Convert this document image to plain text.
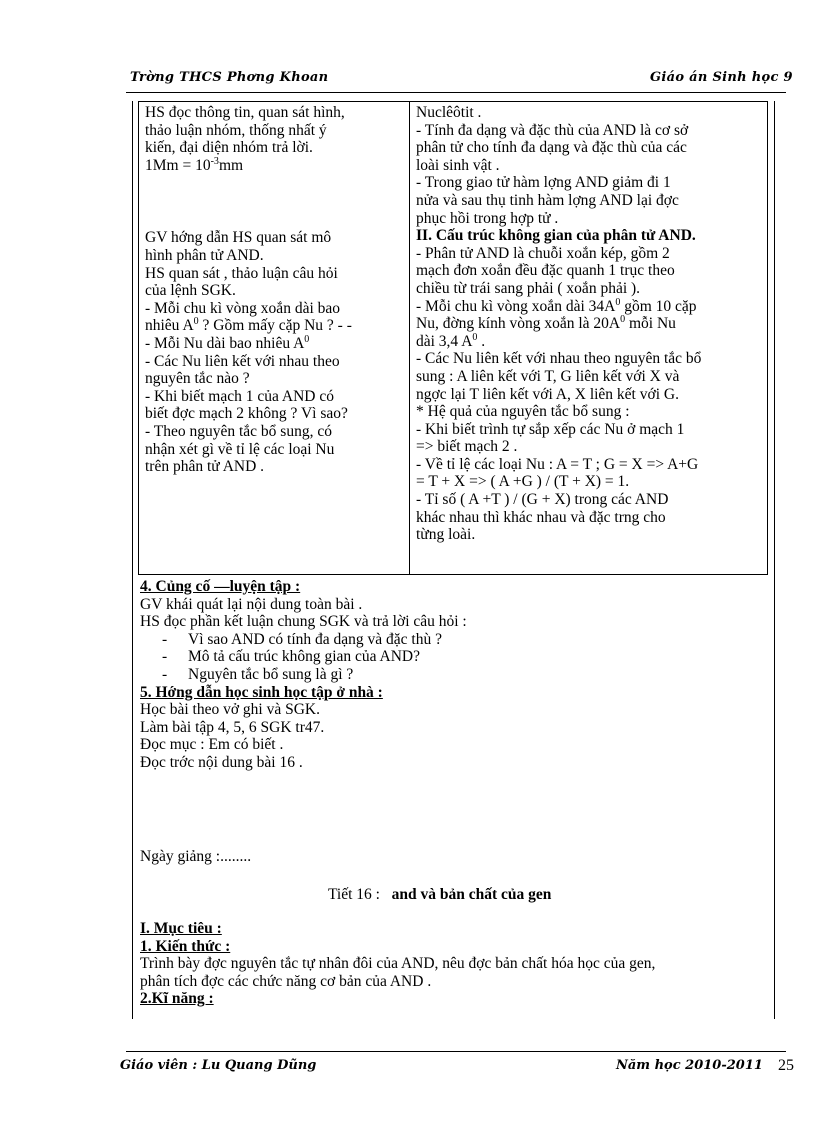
Trờng THCS Phơng Khoan	Giáo án Sinh học 9
HS đọc thông tin, quan sát hình,
thảo luận nhóm, thống nhất ý
kiến, đại diện nhóm trả lời.
$1Mm = 10^{-3}mm$
GV hớng dẫn HS quan sát mô
hình phân tử AND.
HS quan sát , thảo luận câu hỏi
của lệnh SGK.
- Mỗi chu kì vòng xoắn dài bao
nhiêu $A^0$ ? Gồm mấy cặp Nu ? - -
- Mỗi Nu dài bao nhiêu $A^0$
- Các Nu liên kết với nhau theo
nguyên tắc nào ?
- Khi biết mạch 1 của AND có
biết đợc mạch 2 không ? Vì sao?
- Theo nguyên tắc bổ sung, có
nhận xét gì về tỉ lệ các loại Nu
trên phân tử AND .
Nuclêôtit .
- Tính đa dạng và đặc thù của AND là cơ sở
phân tử cho tính đa dạng và đặc thù của các
loài sinh vật .
- Trong giao tử hàm lợng AND giảm đi 1
nửa và sau thụ tinh hàm lợng AND lại đợc
phục hồi trong hợp tử .
II. Cấu trúc không gian của phân tử AND.
- Phân tử AND là chuỗi xoắn kép, gồm 2
mạch đơn xoắn đều đặc quanh 1 trục theo
chiều từ trái sang phải ( xoắn phải ).
- Mỗi chu kì vòng xoắn dài $34A^0$ gồm 10 cặp
Nu, đờng kính vòng xoắn là $20A^0$ mỗi Nu
dài 3,4 $A^0$ .
- Các Nu liên kết với nhau theo nguyên tắc bổ
sung : A liên kết với T, G liên kết với X và
ngợc lại T liên kết với A, X liên kết với G.
* Hệ quả của nguyên tắc bổ sung :
- Khi biết trình tự sắp xếp các Nu ở mạch 1
=> biết mạch 2 .
- Về tỉ lệ các loại Nu : A = T ; G = X => A+G
= T + X => ( A +G ) / (T + X) = 1.
- Tỉ số ( A +T ) / (G + X) trong các AND
khác nhau thì khác nhau và đặc trng cho
từng loài.
4. Củng cố —luyện tập :
GV khái quát lại nội dung toàn bài .
HS đọc phần kết luận chung SGK và trả lời câu hỏi :
- Vì sao AND có tính đa dạng và đặc thù ?
- Mô tả cấu trúc không gian của AND?
- Nguyên tắc bổ sung là gì ?
5. Hớng dẫn học sinh học tập ở nhà :
Học bài theo vở ghi và SGK.
Làm bài tập 4, 5, 6 SGK tr47.
Đọc mục : Em có biết .
Đọc trớc nội dung bài 16 .
Ngày giảng :........
Tiết 16 : and và bản chất của gen
I. Mục tiêu :
1. Kiến thức :
Trình bày đợc nguyên tắc tự nhân đôi của AND, nêu đợc bản chất hóa học của gen,
phân tích đợc các chức năng cơ bản của AND .
2.Kĩ năng :
Giáo viên : Lu Quang Dũng	Năm học 2010-2011 25
